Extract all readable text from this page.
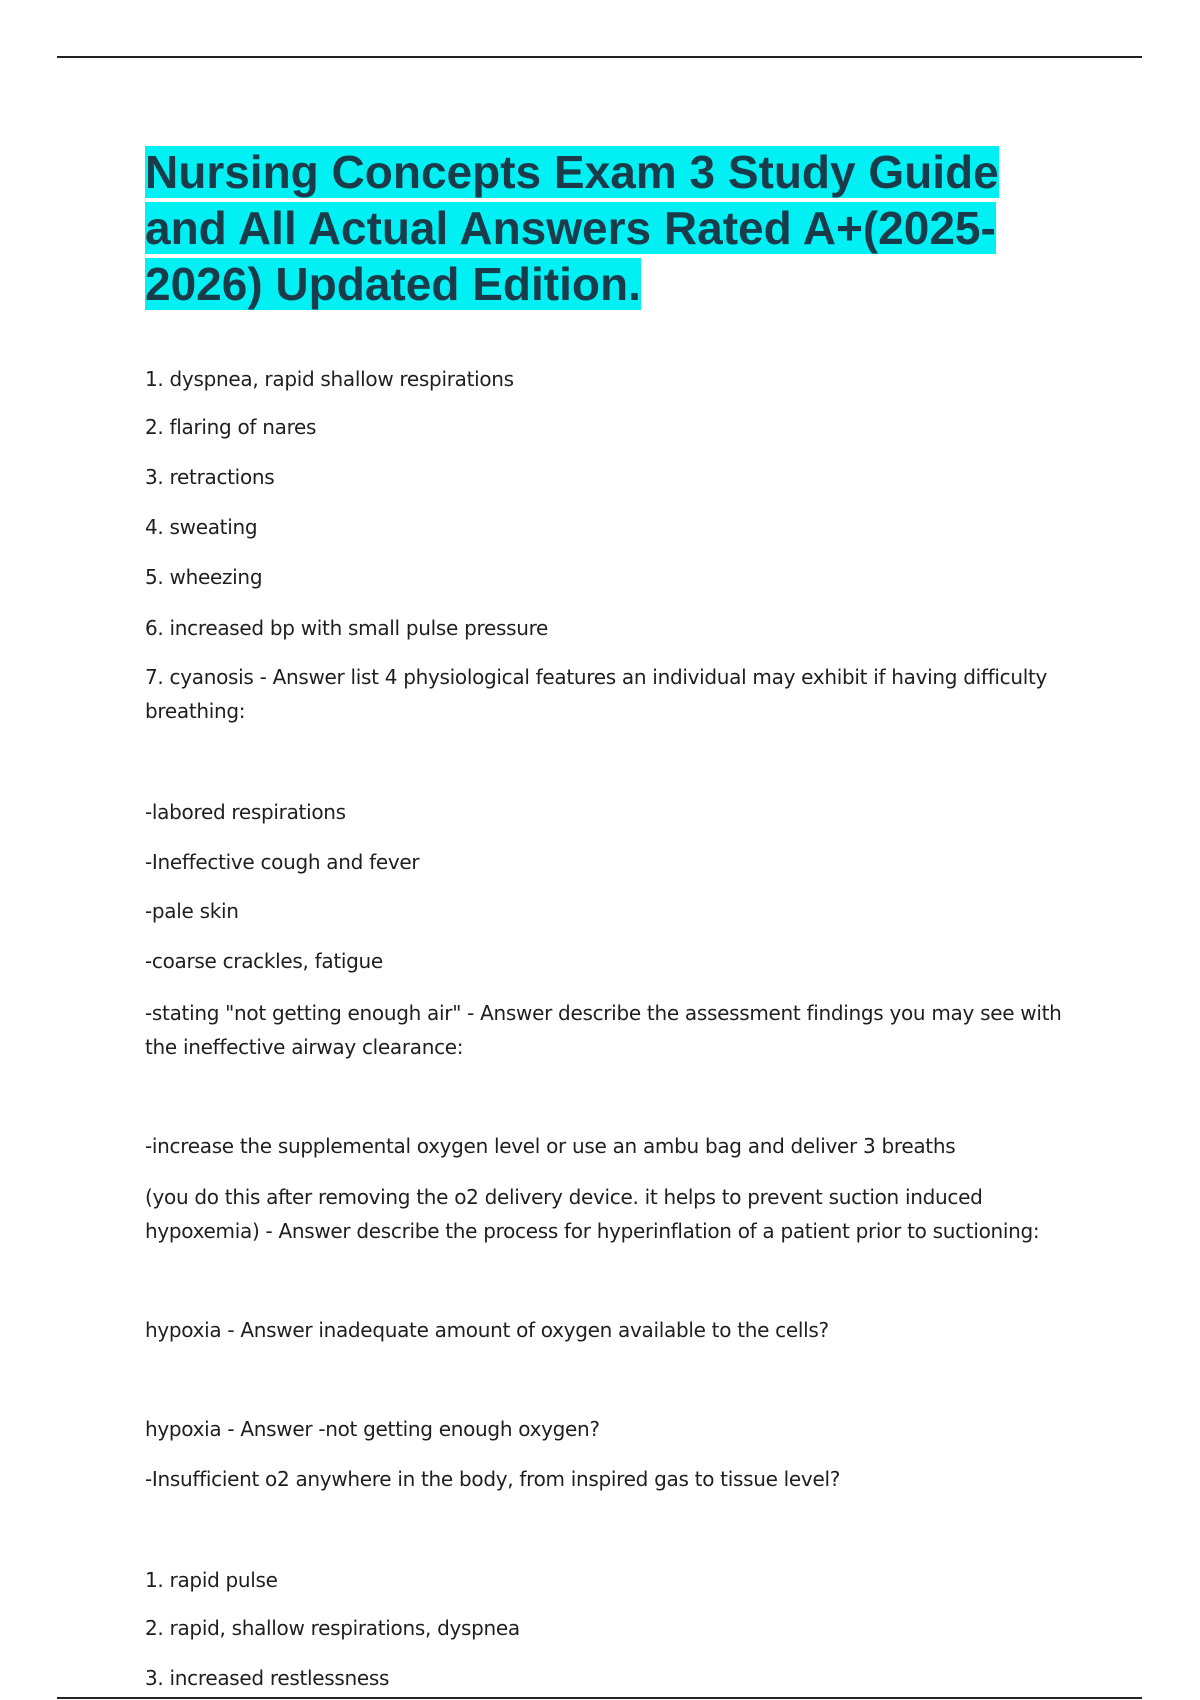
Nursing Concepts Exam 3 Study Guide and All Actual Answers Rated A+(2025-2026) Updated Edition.

1. dyspnea, rapid shallow respirations

2. flaring of nares

3. retractions

4. sweating

5. wheezing

6. increased bp with small pulse pressure

7. cyanosis - Answer list 4 physiological features an individual may exhibit if having difficulty breathing:

-labored respirations

-Ineffective cough and fever

-pale skin

-coarse crackles, fatigue

-stating "not getting enough air" - Answer describe the assessment findings you may see with the ineffective airway clearance:

-increase the supplemental oxygen level or use an ambu bag and deliver 3 breaths

(you do this after removing the o2 delivery device. it helps to prevent suction induced hypoxemia) - Answer describe the process for hyperinflation of a patient prior to suctioning:

hypoxia - Answer inadequate amount of oxygen available to the cells?

hypoxia - Answer -not getting enough oxygen?

-Insufficient o2 anywhere in the body, from inspired gas to tissue level?

1. rapid pulse

2. rapid, shallow respirations, dyspnea

3. increased restlessness
